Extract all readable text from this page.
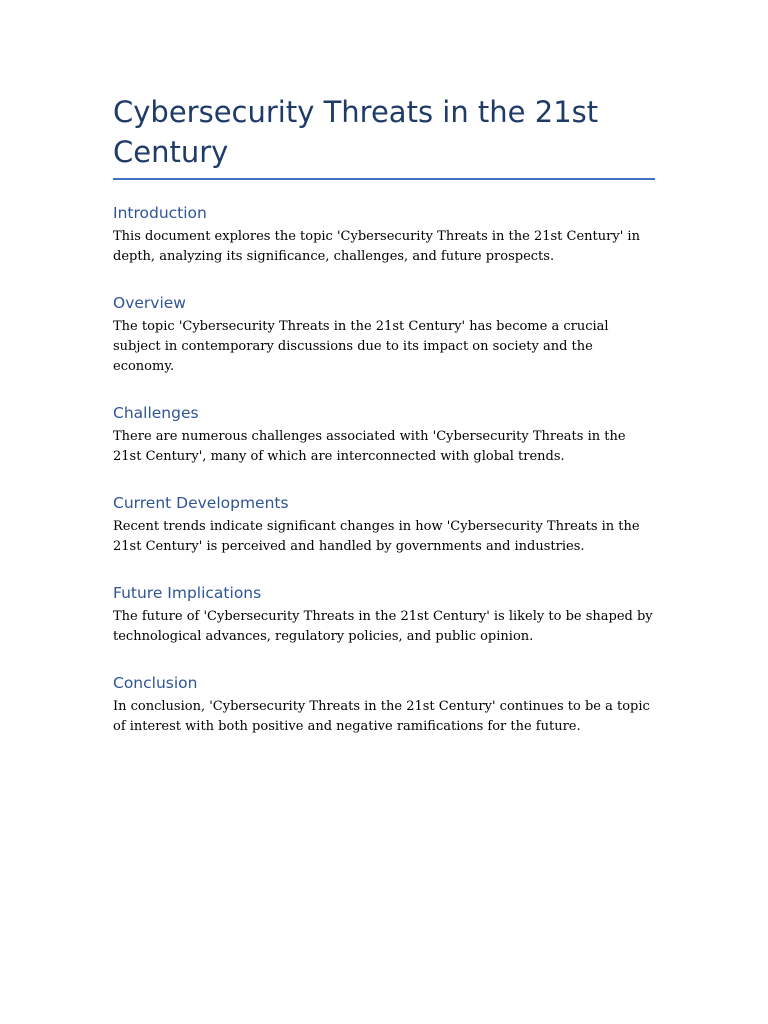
Cybersecurity Threats in the 21st Century
Introduction

This document explores the topic 'Cybersecurity Threats in the 21st Century' in depth, analyzing its significance, challenges, and future prospects.

Overview

The topic 'Cybersecurity Threats in the 21st Century' has become a crucial subject in contemporary discussions due to its impact on society and the economy.

Challenges

There are numerous challenges associated with 'Cybersecurity Threats in the 21st Century', many of which are interconnected with global trends.

Current Developments

Recent trends indicate significant changes in how 'Cybersecurity Threats in the 21st Century' is perceived and handled by governments and industries.

Future Implications

The future of 'Cybersecurity Threats in the 21st Century' is likely to be shaped by technological advances, regulatory policies, and public opinion.

Conclusion

In conclusion, 'Cybersecurity Threats in the 21st Century' continues to be a topic of interest with both positive and negative ramifications for the future.
